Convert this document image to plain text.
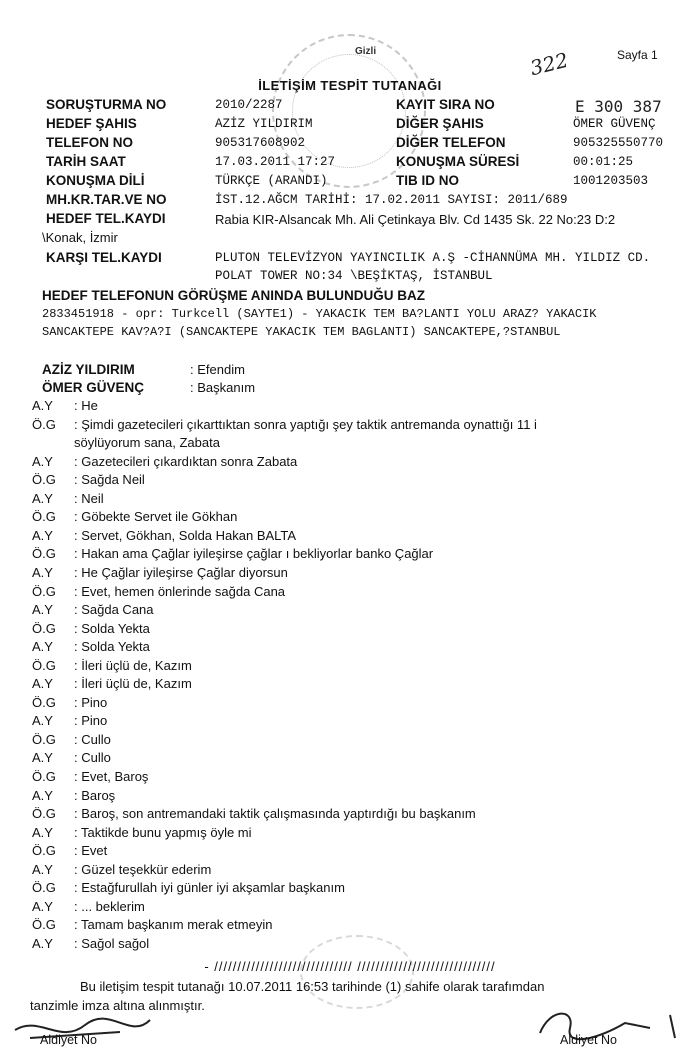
Gizli	Sayfa 1
322
İLETİŞİM TESPİT TUTANAĞI
SORUŞTURMA NO	2010/2287	KAYIT SIRA NO	E 300 387
HEDEF ŞAHIS	AZİZ YILDIRIM	DİĞER ŞAHIS	ÖMER GÜVENÇ
TELEFON NO	905317608902	DİĞER TELEFON	905325550770
TARİH SAAT	17.03.2011 17:27	KONUŞMA SÜRESİ	00:01:25
KONUŞMA DİLİ	TÜRKÇE (ARANDI)	TIB ID NO	1001203503
MH.KR.TAR.VE NO	İST.12.AĞCM TARİHİ: 17.02.2011 SAYISI: 2011/689
HEDEF TEL.KAYDI	Rabia KIR-Alsancak Mh. Ali Çetinkaya Blv. Cd 1435 Sk. 22 No:23 D:2
\Konak, İzmir
KARŞI TEL.KAYDI	PLUTON TELEVİZYON YAYINCILIK A.Ş -CİHANNÜMA MH. YILDIZ CD.
POLAT TOWER NO:34 \BEŞİKTAŞ, İSTANBUL
HEDEF TELEFONUN GÖRÜŞME ANINDA BULUNDUĞU BAZ
2833451918 - opr: Turkcell (SAYTE1) - YAKACIK TEM BA?LANTI YOLU ARAZ? YAKACIK
SANCAKTEPE KAV?A?I (SANCAKTEPE YAKACIK TEM BAGLANTI) SANCAKTEPE,?STANBUL
AZİZ YILDIRIM	: Efendim
ÖMER GÜVENÇ	: Başkanım
A.Y	: He
Ö.G	: Şimdi gazetecileri çıkarttıktan sonra yaptığı şey taktik antremanda oynattığı 11 i
söylüyorum sana, Zabata
A.Y	: Gazetecileri çıkardıktan sonra Zabata
Ö.G	: Sağda Neil
A.Y	: Neil
Ö.G	: Göbekte Servet ile Gökhan
A.Y	: Servet, Gökhan, Solda Hakan BALTA
Ö.G	: Hakan ama Çağlar iyileşirse çağlar ı bekliyorlar banko Çağlar
A.Y	: He Çağlar iyileşirse Çağlar diyorsun
Ö.G	: Evet, hemen önlerinde sağda Cana
A.Y	: Sağda Cana
Ö.G	: Solda Yekta
A.Y	: Solda Yekta
Ö.G	: İleri üçlü de, Kazım
A.Y	: İleri üçlü de, Kazım
Ö.G	: Pino
A.Y	: Pino
Ö.G	: Cullo
A.Y	: Cullo
Ö.G	: Evet, Baroş
A.Y	: Baroş
Ö.G	: Baroş, son antremandaki taktik çalışmasında yaptırdığı bu başkanım
A.Y	: Taktikde bunu yapmış öyle mi
Ö.G	: Evet
A.Y	: Güzel teşekkür ederim
Ö.G	: Estağfurullah iyi günler iyi akşamlar başkanım
A.Y	: ... beklerim
Ö.G	: Tamam başkanım merak etmeyin
A.Y	: Sağol sağol
- ////////////////////////////// //////////////////////////////
Bu iletişim tespit tutanağı 10.07.2011 16:53 tarihinde (1) sahife olarak tarafımdan
tanzimle imza altına alınmıştır.
Aldiyet No	Aldiyet No
